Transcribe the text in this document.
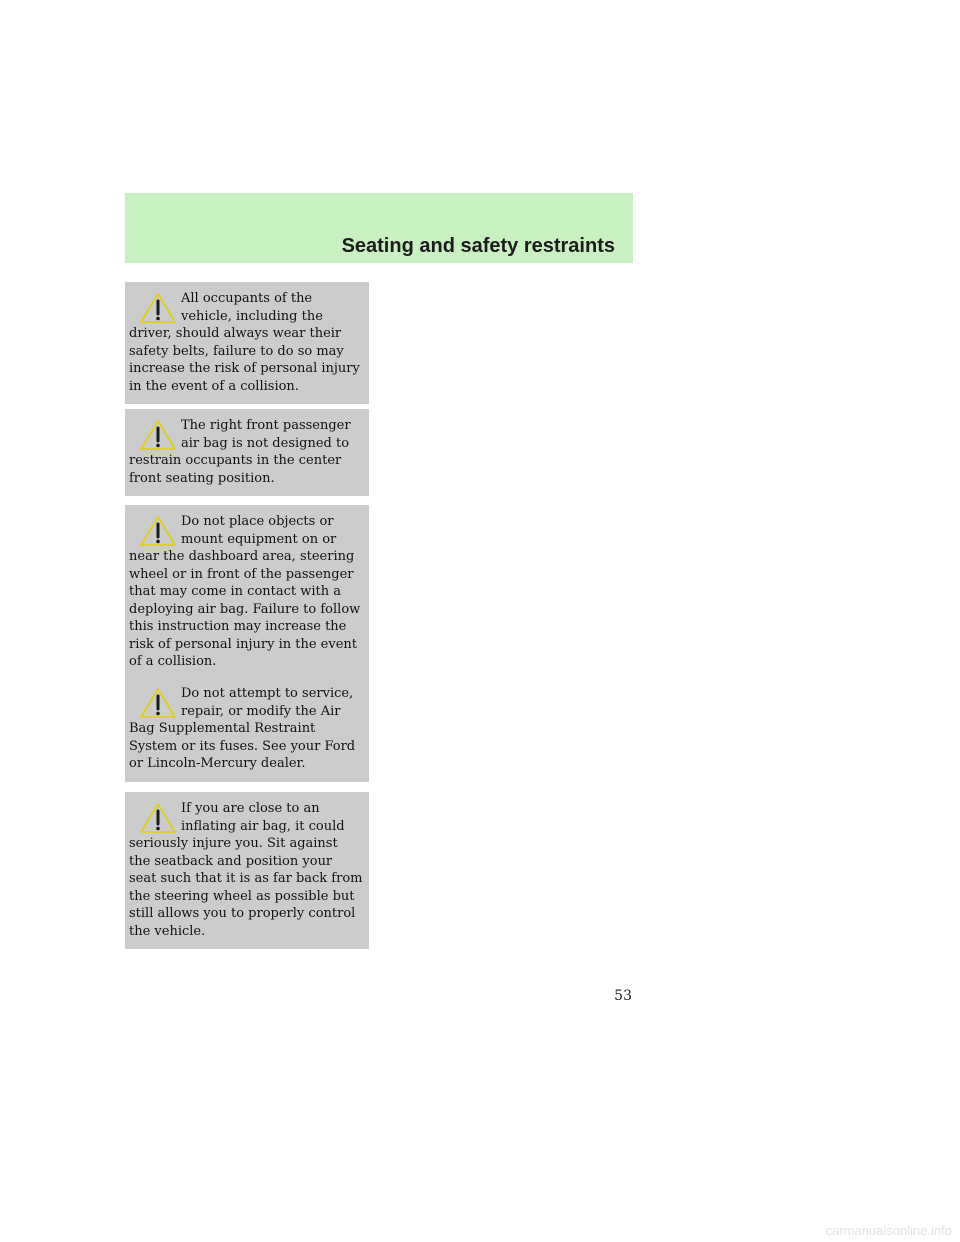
Seating and safety restraints

All occupants of the vehicle, including the driver, should always wear their safety belts, failure to do so may increase the risk of personal injury in the event of a collision.

The right front passenger air bag is not designed to restrain occupants in the center front seating position.

Do not place objects or mount equipment on or near the dashboard area, steering wheel or in front of the passenger that may come in contact with a deploying air bag. Failure to follow this instruction may increase the risk of personal injury in the event of a collision.

Do not attempt to service, repair, or modify the Air Bag Supplemental Restraint System or its fuses. See your Ford or Lincoln-Mercury dealer.

If you are close to an inflating air bag, it could seriously injure you. Sit against the seatback and position your seat such that it is as far back from the steering wheel as possible but still allows you to properly control the vehicle.

53
carmanualsonline.info
